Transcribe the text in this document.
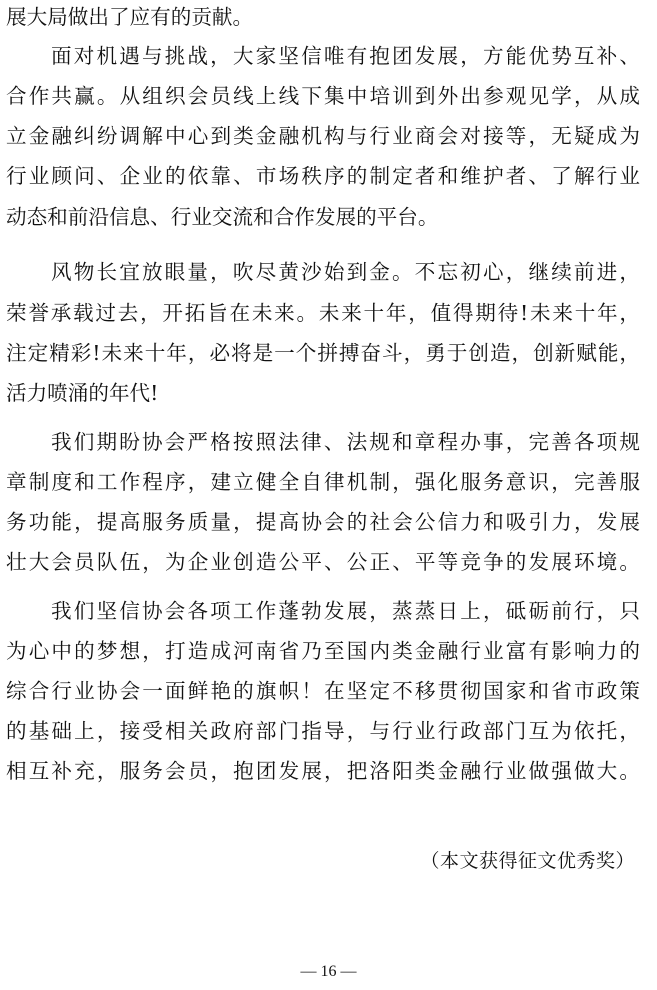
展大局做出了应有的贡献。
面对机遇与挑战，大家坚信唯有抱团发展，方能优势互补、
合作共赢。从组织会员线上线下集中培训到外出参观见学，从成
立金融纠纷调解中心到类金融机构与行业商会对接等，无疑成为
行业顾问、企业的依靠、市场秩序的制定者和维护者、了解行业
动态和前沿信息、行业交流和合作发展的平台。
风物长宜放眼量，吹尽黄沙始到金。不忘初心，继续前进，
荣誉承载过去，开拓旨在未来。未来十年，值得期待!未来十年，
注定精彩!未来十年，必将是一个拼搏奋斗，勇于创造，创新赋能，
活力喷涌的年代!
我们期盼协会严格按照法律、法规和章程办事，完善各项规
章制度和工作程序，建立健全自律机制，强化服务意识，完善服
务功能，提高服务质量，提高协会的社会公信力和吸引力，发展
壮大会员队伍，为企业创造公平、公正、平等竞争的发展环境。
我们坚信协会各项工作蓬勃发展，蒸蒸日上，砥砺前行，只
为心中的梦想，打造成河南省乃至国内类金融行业富有影响力的
综合行业协会一面鲜艳的旗帜！在坚定不移贯彻国家和省市政策
的基础上，接受相关政府部门指导，与行业行政部门互为依托，
相互补充，服务会员，抱团发展，把洛阳类金融行业做强做大。
（本文获得征文优秀奖）
— 16 —
